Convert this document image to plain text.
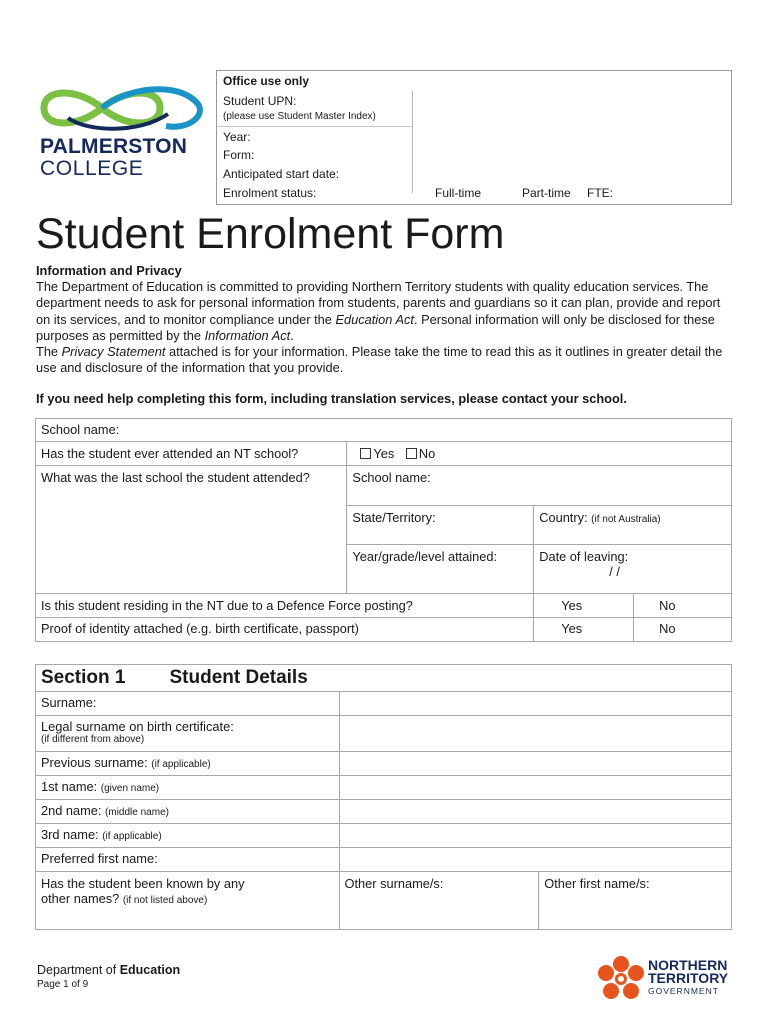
PALMERSTON
COLLEGE
Office use only
Student UPN:
(please use Student Master Index)
Year:
Form:
Anticipated start date:
Enrolment status:	Full-time	Part-time FTE:
Student Enrolment Form
Information and Privacy
The Department of Education is committed to providing Northern Territory students with quality education services. The department needs to ask for personal information from students, parents and guardians so it can plan, provide and report on its services, and to monitor compliance under the Education Act. Personal information will only be disclosed for these purposes as permitted by the Information Act.
The Privacy Statement attached is for your information. Please take the time to read this as it outlines in greater detail the use and disclosure of the information that you provide.
If you need help completing this form, including translation services, please contact your school.
School name:			

Has the student ever attended an NT school?	Yes No		

What was the last school the student attended?	School name:		

	State/Territory:	Country: (if not Australia)	

	Year/grade/level attained:	Date of leaving:
/ /	

Is this student residing in the NT due to a Defence Force posting?		Yes	No

Proof of identity attached (e.g. birth certificate, passport)		Yes	No
Section 1 Student Details		

Surname:		

Legal surname on birth certificate:
(if different from above)		

Previous surname: (if applicable)		

1st name: (given name)		

2nd name: (middle name)		

3rd name: (if applicable)		

Preferred first name:		

Has the student been known by any
other names? (if not listed above)	Other surname/s:	Other first name/s:
Department of Education
Page 1 of 9
NORTHERN
TERRITORY
GOVERNMENT
